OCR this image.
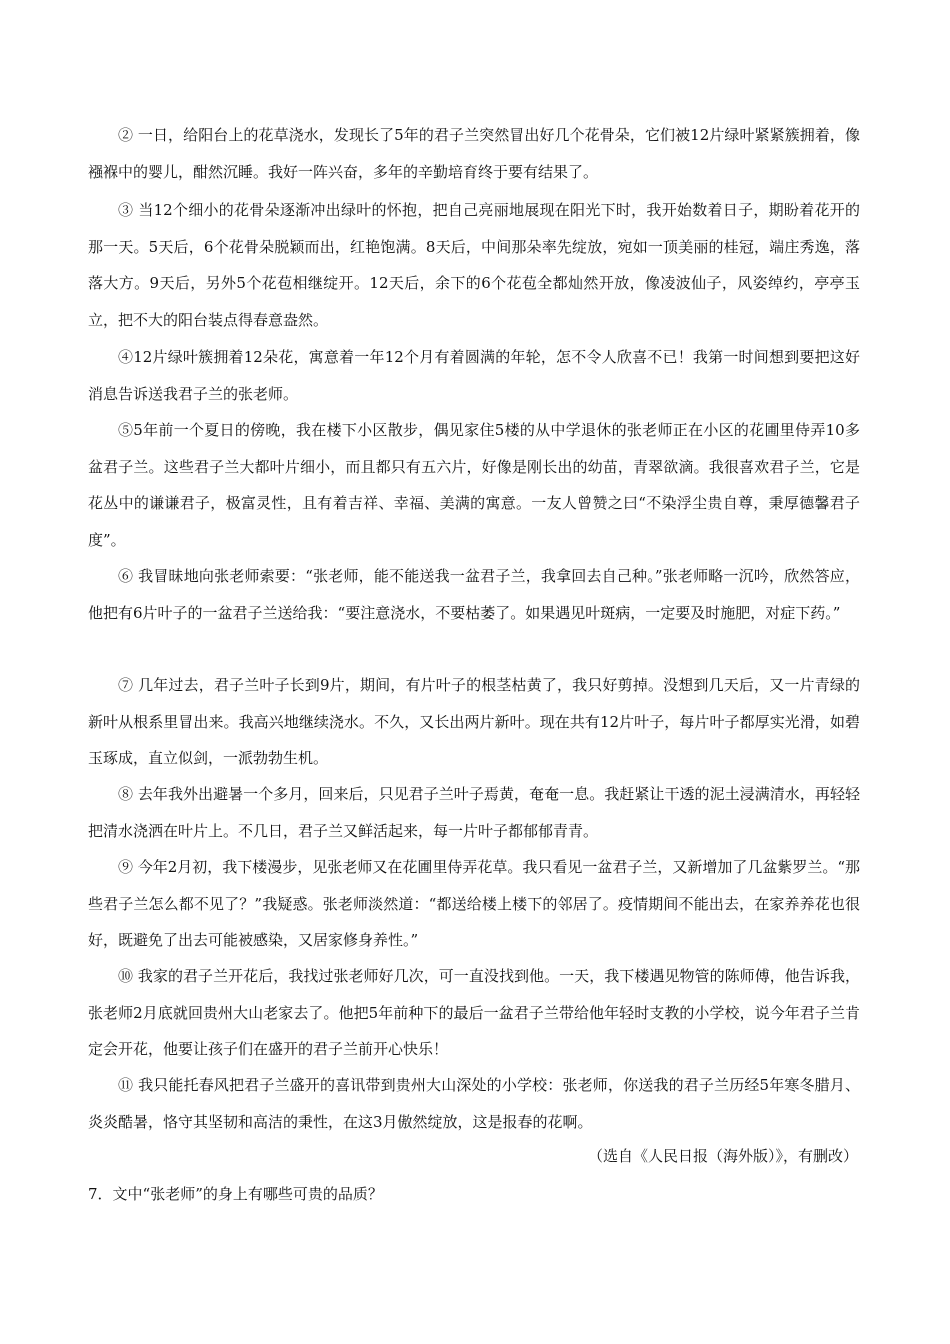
② 一日，给阳台上的花草浇水，发现长了5年的君子兰突然冒出好几个花骨朵，它们被12片绿叶紧紧簇拥着，像襁褓中的婴儿，酣然沉睡。我好一阵兴奋，多年的辛勤培育终于要有结果了。

③ 当12个细小的花骨朵逐渐冲出绿叶的怀抱，把自己亮丽地展现在阳光下时，我开始数着日子，期盼着花开的那一天。5天后，6个花骨朵脱颖而出，红艳饱满。8天后，中间那朵率先绽放，宛如一顶美丽的桂冠，端庄秀逸，落落大方。9天后，另外5个花苞相继绽开。12天后，余下的6个花苞全都灿然开放，像凌波仙子，风姿绰约，亭亭玉立，把不大的阳台装点得春意盎然。

④12片绿叶簇拥着12朵花，寓意着一年12个月有着圆满的年轮，怎不令人欣喜不已！我第一时间想到要把这好消息告诉送我君子兰的张老师。

⑤5年前一个夏日的傍晚，我在楼下小区散步，偶见家住5楼的从中学退休的张老师正在小区的花圃里侍弄10多盆君子兰。这些君子兰大都叶片细小，而且都只有五六片，好像是刚长出的幼苗，青翠欲滴。我很喜欢君子兰，它是花丛中的谦谦君子，极富灵性，且有着吉祥、幸福、美满的寓意。一友人曾赞之曰“不染浮尘贵自尊，秉厚德馨君子度”。

⑥ 我冒昧地向张老师索要：“张老师，能不能送我一盆君子兰，我拿回去自己种。”张老师略一沉吟，欣然答应，他把有6片叶子的一盆君子兰送给我：“要注意浇水，不要枯萎了。如果遇见叶斑病，一定要及时施肥，对症下药。”

⑦ 几年过去，君子兰叶子长到9片，期间，有片叶子的根茎枯黄了，我只好剪掉。没想到几天后，又一片青绿的新叶从根系里冒出来。我高兴地继续浇水。不久，又长出两片新叶。现在共有12片叶子，每片叶子都厚实光滑，如碧玉琢成，直立似剑，一派勃勃生机。

⑧ 去年我外出避暑一个多月，回来后，只见君子兰叶子焉黄，奄奄一息。我赶紧让干透的泥土浸满清水，再轻轻把清水浇洒在叶片上。不几日，君子兰又鲜活起来，每一片叶子都郁郁青青。

⑨ 今年2月初，我下楼漫步，见张老师又在花圃里侍弄花草。我只看见一盆君子兰，又新增加了几盆紫罗兰。“那些君子兰怎么都不见了？”我疑惑。张老师淡然道：“都送给楼上楼下的邻居了。疫情期间不能出去，在家养养花也很好，既避免了出去可能被感染，又居家修身养性。”

⑩ 我家的君子兰开花后，我找过张老师好几次，可一直没找到他。一天，我下楼遇见物管的陈师傅，他告诉我，张老师2月底就回贵州大山老家去了。他把5年前种下的最后一盆君子兰带给他年轻时支教的小学校，说今年君子兰肯定会开花，他要让孩子们在盛开的君子兰前开心快乐！

⑪ 我只能托春风把君子兰盛开的喜讯带到贵州大山深处的小学校：张老师，你送我的君子兰历经5年寒冬腊月、炎炎酷暑，恪守其坚韧和高洁的秉性，在这3月傲然绽放，这是报春的花啊。

（选自《人民日报（海外版）》，有删改）

7．文中“张老师”的身上有哪些可贵的品质？
